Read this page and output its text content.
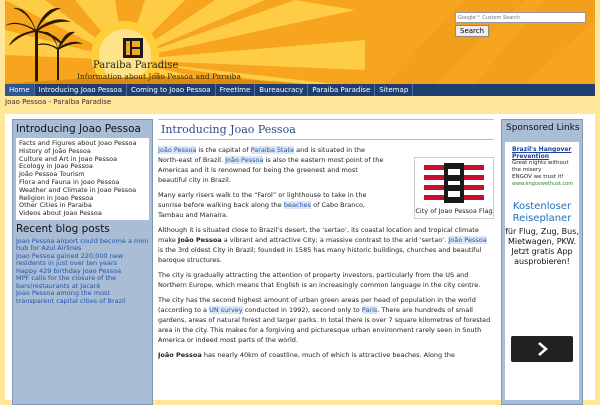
Paraiba Paradise
Information about João Pessoa and Paraiba
Google™ Custom Search
Search
Home	Introducing Joao Pessoa	Coming to Joao Pessoa	Freetime	Bureaucracy	Paraiba Paradise	Sitemap
Joao Pessoa - Paraiba Paradise
Introducing Joao Pessoa
Facts and Figures about Joao Pessoa
History of João Pessoa
Culture and Art in Joao Pessoa
Ecology in Joao Pessoa
João Pessoa Tourism
Flora and Fauna in Joao Pessoa
Weather and Climate in Joao Pessoa
Religion in Joao Pessoa
Other Cities in Paraiba
Videos about Joao Pessoa
Recent blog posts
Joao Pessoa airport could become a mini hub for Azul Airlines
Joao Pessoa gained 220,000 new residents in just over ten years
Happy 429 birthday Joao Pessoa
MPF calls for the closure of the bars/restaurants at Jacaré
Joao Pessoa among the most transparent capital cities of Brazil
Introducing Joao Pessoa
City of Joao Pessoa Flag

João Pessoa is the capital of Paraiba State and is situated in the North-east of Brazil. João Pessoa is also the eastern most point of the Americas and it is renowned for being the greenest and most beautiful city in Brazil.

Many early risers walk to the “Farol” or lighthouse to take in the sunrise before walking back along the beaches of Cabo Branco, Tambau and Manaira.

Although it is situated close to Brazil’s desert, the ‘sertao’, its coastal location and tropical climate make João Pessoa a vibrant and attractive City; a massive contrast to the arid ‘sertao’. João Pessoa is the 3rd oldest City in Brazil; founded in 1585 has many historic buildings, churches and beautiful baroque structures.

The city is gradually attracting the attention of property investors, particularly from the US and Northern Europe, which means that English is an increasingly common language in the city centre.

The city has the second highest amount of urban green areas per head of population in the world (according to a UN survey conducted in 1992), second only to Paris. There are hundreds of small gardens, areas of natural forest and larger parks. In total there is over 7 square kilometres of forested area in the city. This makes for a forgiving and picturesque urban environment rarely seen in South America or indeed most parts of the world.

João Pessoa has nearly 40km of coastline, much of which is attractive beaches. Along the

Sponsored Links
Brazil's Hangover Prevention
Great nights without the misery
ENGOV we trust it!
www.engovwethust.com
Kostenloser Reiseplaner
für Flug, Zug, Bus, Mietwagen, PKW. Jetzt gratis App ausprobieren!
